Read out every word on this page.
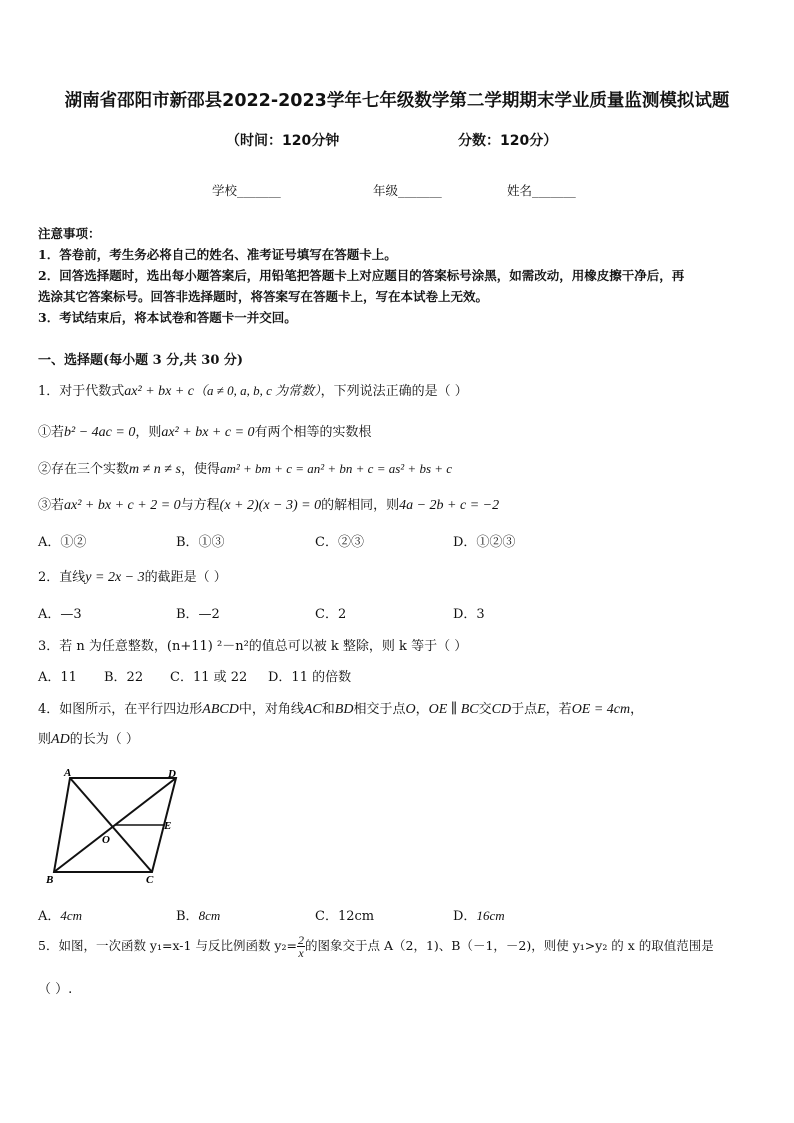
湖南省邵阳市新邵县2022-2023学年七年级数学第二学期期末学业质量监测模拟试题
（时间：120分钟	分数：120分）
学校_______	年级_______	姓名_______
注意事项：
1．答卷前，考生务必将自己的姓名、准考证号填写在答题卡上。
2．回答选择题时，选出每小题答案后，用铅笔把答题卡上对应题目的答案标号涂黑，如需改动，用橡皮擦干净后，再
选涂其它答案标号。回答非选择题时，将答案写在答题卡上，写在本试卷上无效。
3．考试结束后，将本试卷和答题卡一并交回。
一、选择题(每小题 3 分,共 30 分)
1．对于代数式ax² + bx + c（a ≠ 0, a, b, c 为常数），下列说法正确的是（ ）
①若b² − 4ac = 0，则ax² + bx + c = 0有两个相等的实数根
②存在三个实数m ≠ n ≠ s，使得am² + bm + c = an² + bn + c = as² + bs + c
③若ax² + bx + c + 2 = 0与方程(x + 2)(x − 3) = 0的解相同，则4a − 2b + c = −2
A．①②	B．①③	C．②③	D．①②③
2．直线y = 2x − 3的截距是（ ）
A．—3	B．—2	C．2	D．3
3．若 n 为任意整数，(n+11) ²－n²的值总可以被 k 整除，则 k 等于（ ）
A．11 B．22 C．11 或 22 D．11 的倍数
4．如图所示，在平行四边形ABCD中，对角线AC和BD相交于点O，OE ∥ BC交CD于点E，若OE = 4cm，
则AD的长为（ ）
A	D
O
E
B	C
A．4cm	B．8cm	C．12cm	D．16cm
5．如图，一次函数 y₁=x-1 与反比例函数 $y_2= \frac{2}{x}$ 的图象交于点 A（2，1)、B（－1，－2)，则使 y₁>y₂ 的 x 的取值范围是
（ ）.
